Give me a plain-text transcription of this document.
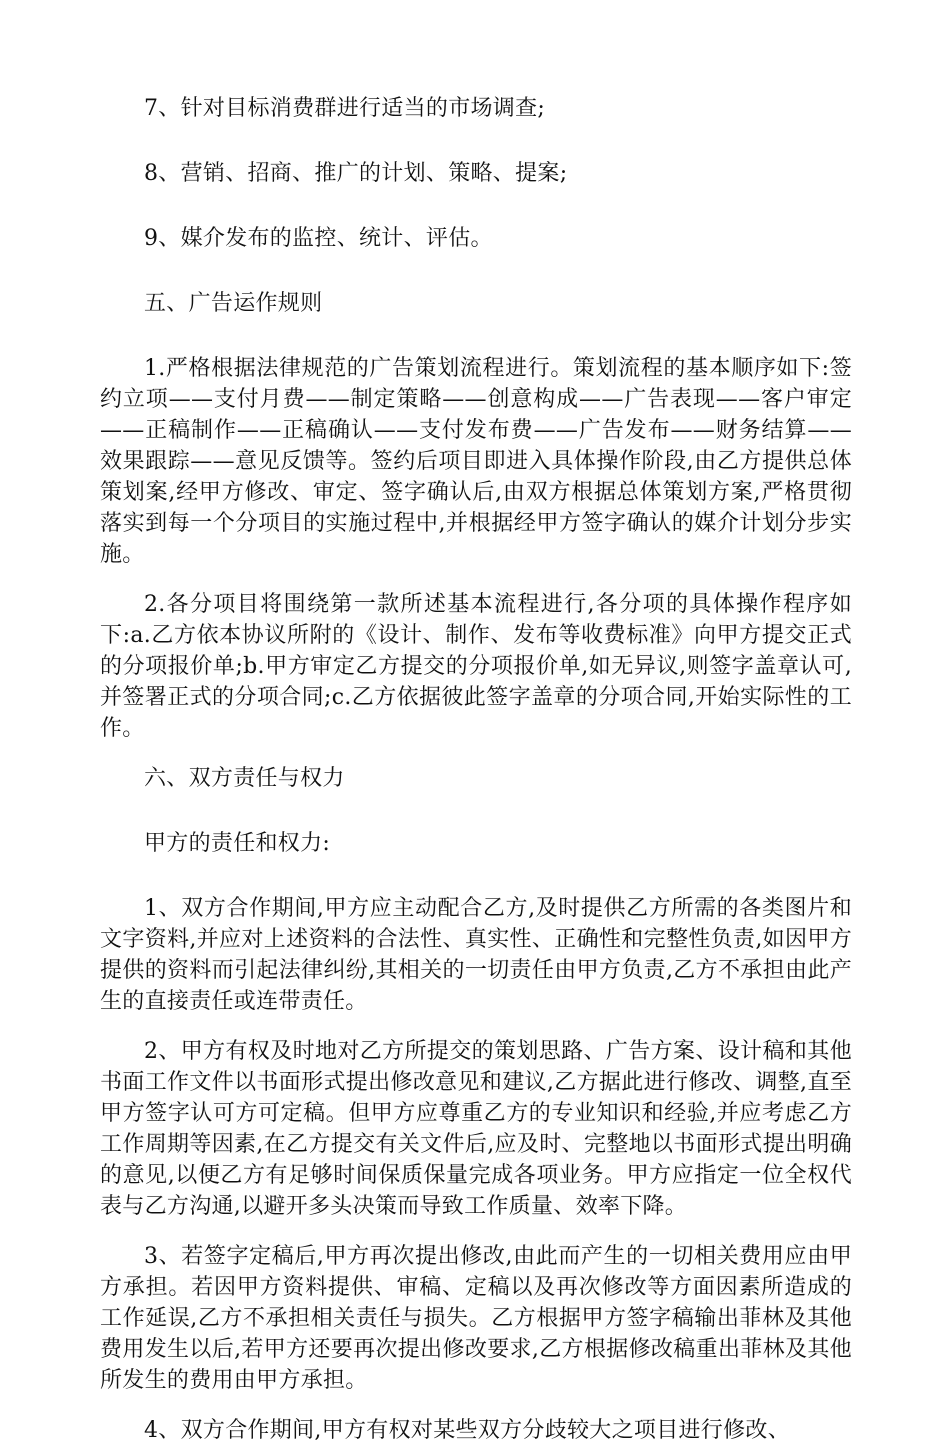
7、针对目标消费群进行适当的市场调查;

8、营销、招商、推广的计划、策略、提案;

9、媒介发布的监控、统计、评估。

五、广告运作规则

1.严格根据法律规范的广告策划流程进行。策划流程的基本顺序如下:签约立项——支付月费——制定策略——创意构成——广告表现——客户审定——正稿制作——正稿确认——支付发布费——广告发布——财务结算——效果跟踪——意见反馈等。签约后项目即进入具体操作阶段,由乙方提供总体策划案,经甲方修改、审定、签字确认后,由双方根据总体策划方案,严格贯彻落实到每一个分项目的实施过程中,并根据经甲方签字确认的媒介计划分步实施。

2.各分项目将围绕第一款所述基本流程进行,各分项的具体操作程序如下:a.乙方依本协议所附的《设计、制作、发布等收费标准》向甲方提交正式的分项报价单;b.甲方审定乙方提交的分项报价单,如无异议,则签字盖章认可,并签署正式的分项合同;c.乙方依据彼此签字盖章的分项合同,开始实际性的工作。

六、双方责任与权力

甲方的责任和权力:

1、双方合作期间,甲方应主动配合乙方,及时提供乙方所需的各类图片和文字资料,并应对上述资料的合法性、真实性、正确性和完整性负责,如因甲方提供的资料而引起法律纠纷,其相关的一切责任由甲方负责,乙方不承担由此产生的直接责任或连带责任。

2、甲方有权及时地对乙方所提交的策划思路、广告方案、设计稿和其他书面工作文件以书面形式提出修改意见和建议,乙方据此进行修改、调整,直至甲方签字认可方可定稿。但甲方应尊重乙方的专业知识和经验,并应考虑乙方工作周期等因素,在乙方提交有关文件后,应及时、完整地以书面形式提出明确的意见,以便乙方有足够时间保质保量完成各项业务。甲方应指定一位全权代表与乙方沟通,以避开多头决策而导致工作质量、效率下降。

3、若签字定稿后,甲方再次提出修改,由此而产生的一切相关费用应由甲方承担。若因甲方资料提供、审稿、定稿以及再次修改等方面因素所造成的工作延误,乙方不承担相关责任与损失。乙方根据甲方签字稿输出菲林及其他费用发生以后,若甲方还要再次提出修改要求,乙方根据修改稿重出菲林及其他所发生的费用由甲方承担。

4、双方合作期间,甲方有权对某些双方分歧较大之项目进行修改、
